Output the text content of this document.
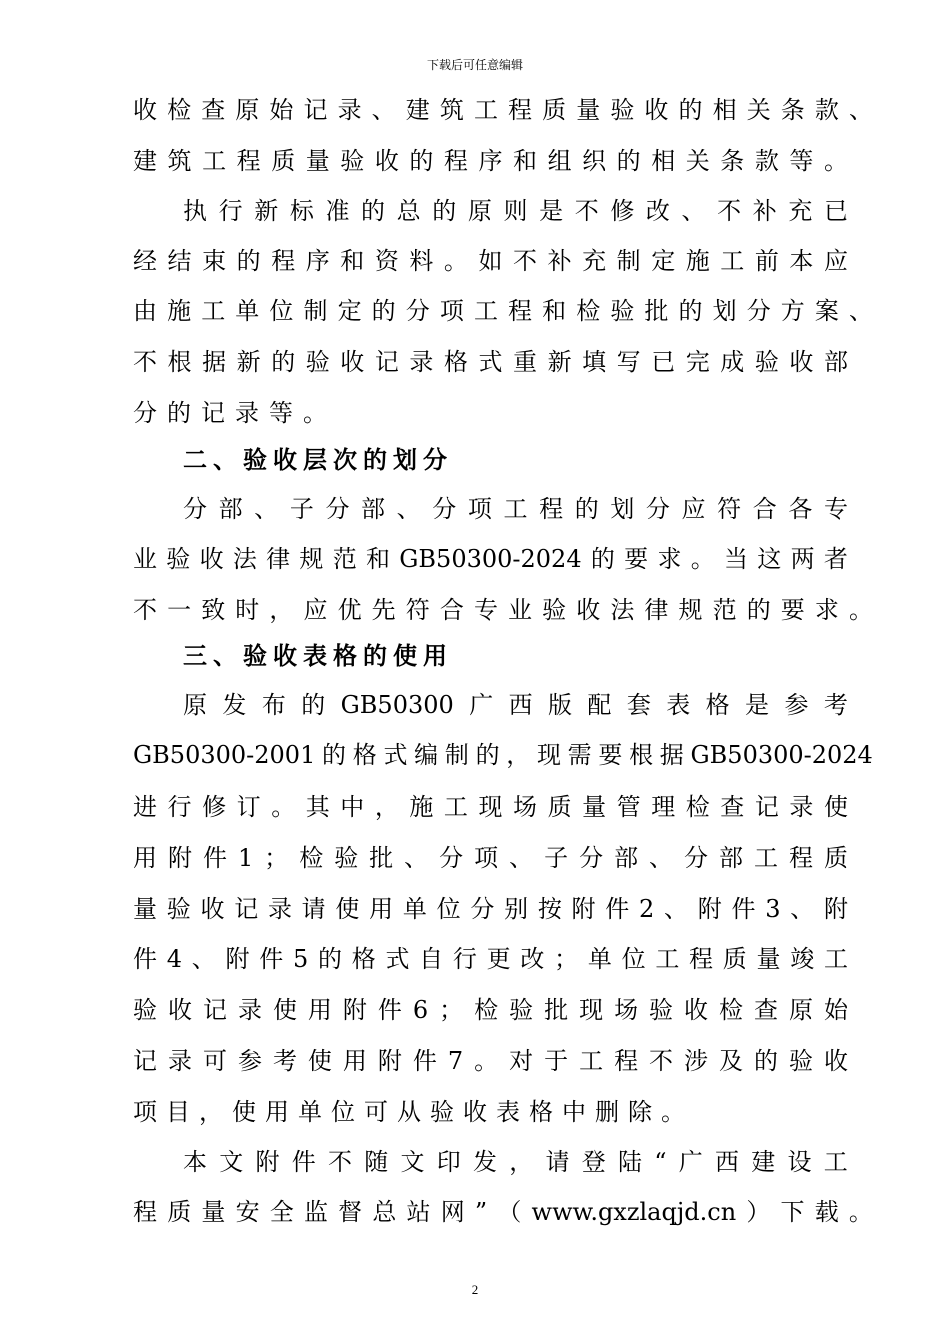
下载后可任意编辑
收 检 查 原 始 记 录 、 建 筑 工 程 质 量 验 收 的 相 关 条 款 、
建 筑 工 程 质 量 验 收 的 程 序 和 组 织 的 相 关 条 款 等 。
执 行 新 标 准 的 总 的 原 则 是 不 修 改 、 不 补 充 已
经 结 束 的 程 序 和 资 料 。 如 不 补 充 制 定 施 工 前 本 应
由 施 工 单 位 制 定 的 分 项 工 程 和 检 验 批 的 划 分 方 案 、
不 根 据 新 的 验 收 记 录 格 式 重 新 填 写 已 完 成 验 收 部
分的记录等。
二、验收层次的划分
分 部 、 子 分 部 、 分 项 工 程 的 划 分 应 符 合 各 专
业 验 收 法 律 规 范 和 GB50300-2024 的 要 求 。 当 这 两 者
不 一 致 时 ， 应 优 先 符 合 专 业 验 收 法 律 规 范 的 要 求 。
三、验收表格的使用
原 发 布 的 GB50300 广 西 版 配 套 表 格 是 参 考
GB50300-2001 的 格 式 编 制 的 ， 现 需 要 根 据 GB50300-2024
进 行 修 订 。 其 中 ， 施 工 现 场 质 量 管 理 检 查 记 录 使
用 附 件 1 ； 检 验 批 、 分 项 、 子 分 部 、 分 部 工 程 质
量 验 收 记 录 请 使 用 单 位 分 别 按 附 件 2 、 附 件 3 、 附
件 4 、 附 件 5 的 格 式 自 行 更 改 ； 单 位 工 程 质 量 竣 工
验 收 记 录 使 用 附 件 6 ； 检 验 批 现 场 验 收 检 查 原 始
记 录 可 参 考 使 用 附 件 7 。 对 于 工 程 不 涉 及 的 验 收
项目，使用单位可从验收表格中删除。
本 文 附 件 不 随 文 印 发 ， 请 登 陆 “ 广 西 建 设 工
程 质 量 安 全 监 督 总 站 网 ” （ www.gxzlaqjd.cn ） 下 载 。
2
